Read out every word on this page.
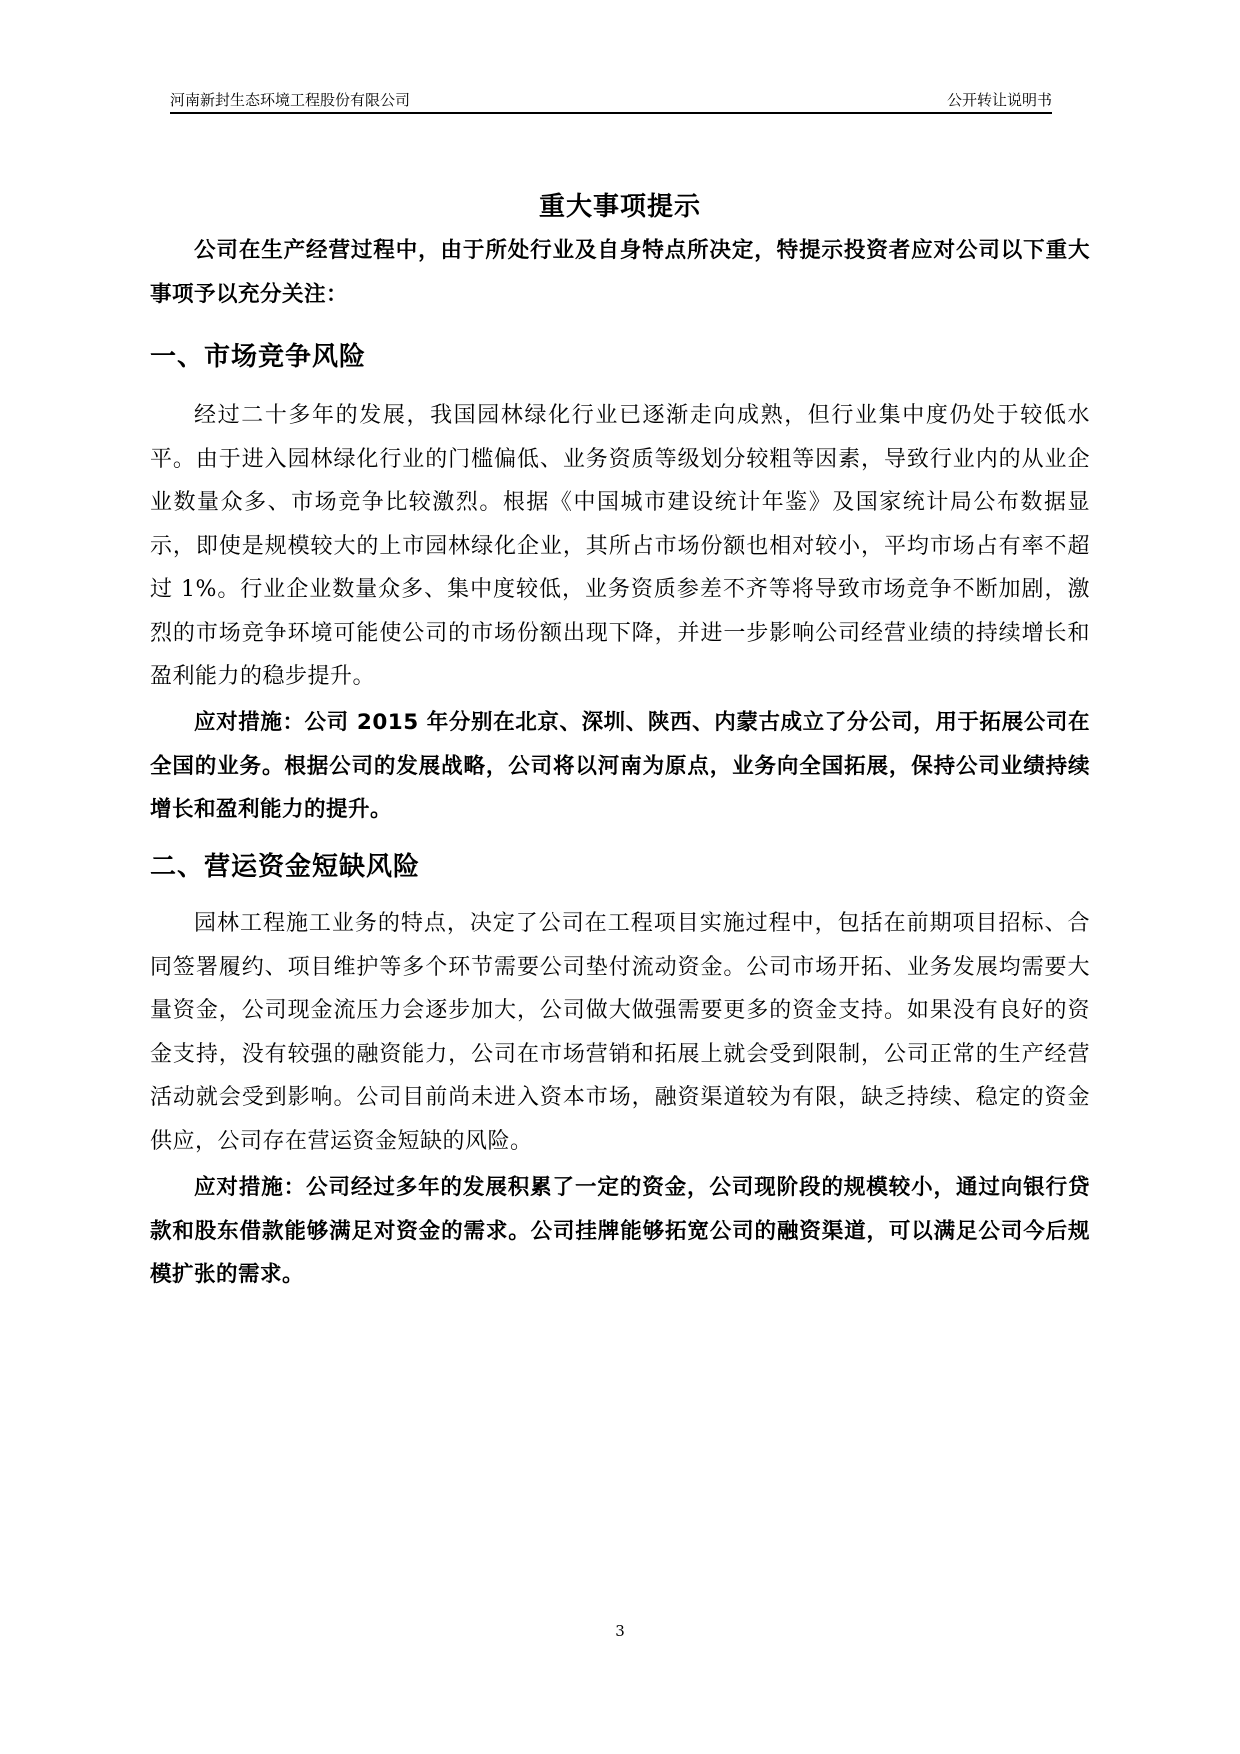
河南新封生态环境工程股份有限公司	公开转让说明书
重大事项提示
公司在生产经营过程中，由于所处行业及自身特点所决定，特提示投资者应对公司以下重大事项予以充分关注：
一、市场竞争风险
经过二十多年的发展，我国园林绿化行业已逐渐走向成熟，但行业集中度仍处于较低水平。由于进入园林绿化行业的门槛偏低、业务资质等级划分较粗等因素，导致行业内的从业企业数量众多、市场竞争比较激烈。根据《中国城市建设统计年鉴》及国家统计局公布数据显示，即使是规模较大的上市园林绿化企业，其所占市场份额也相对较小，平均市场占有率不超过 1%。行业企业数量众多、集中度较低，业务资质参差不齐等将导致市场竞争不断加剧，激烈的市场竞争环境可能使公司的市场份额出现下降，并进一步影响公司经营业绩的持续增长和盈利能力的稳步提升。
应对措施：公司 2015 年分别在北京、深圳、陕西、内蒙古成立了分公司，用于拓展公司在全国的业务。根据公司的发展战略，公司将以河南为原点，业务向全国拓展，保持公司业绩持续增长和盈利能力的提升。
二、营运资金短缺风险
园林工程施工业务的特点，决定了公司在工程项目实施过程中，包括在前期项目招标、合同签署履约、项目维护等多个环节需要公司垫付流动资金。公司市场开拓、业务发展均需要大量资金，公司现金流压力会逐步加大，公司做大做强需要更多的资金支持。如果没有良好的资金支持，没有较强的融资能力，公司在市场营销和拓展上就会受到限制，公司正常的生产经营活动就会受到影响。公司目前尚未进入资本市场，融资渠道较为有限，缺乏持续、稳定的资金供应，公司存在营运资金短缺的风险。
应对措施：公司经过多年的发展积累了一定的资金，公司现阶段的规模较小，通过向银行贷款和股东借款能够满足对资金的需求。公司挂牌能够拓宽公司的融资渠道，可以满足公司今后规模扩张的需求。
3
